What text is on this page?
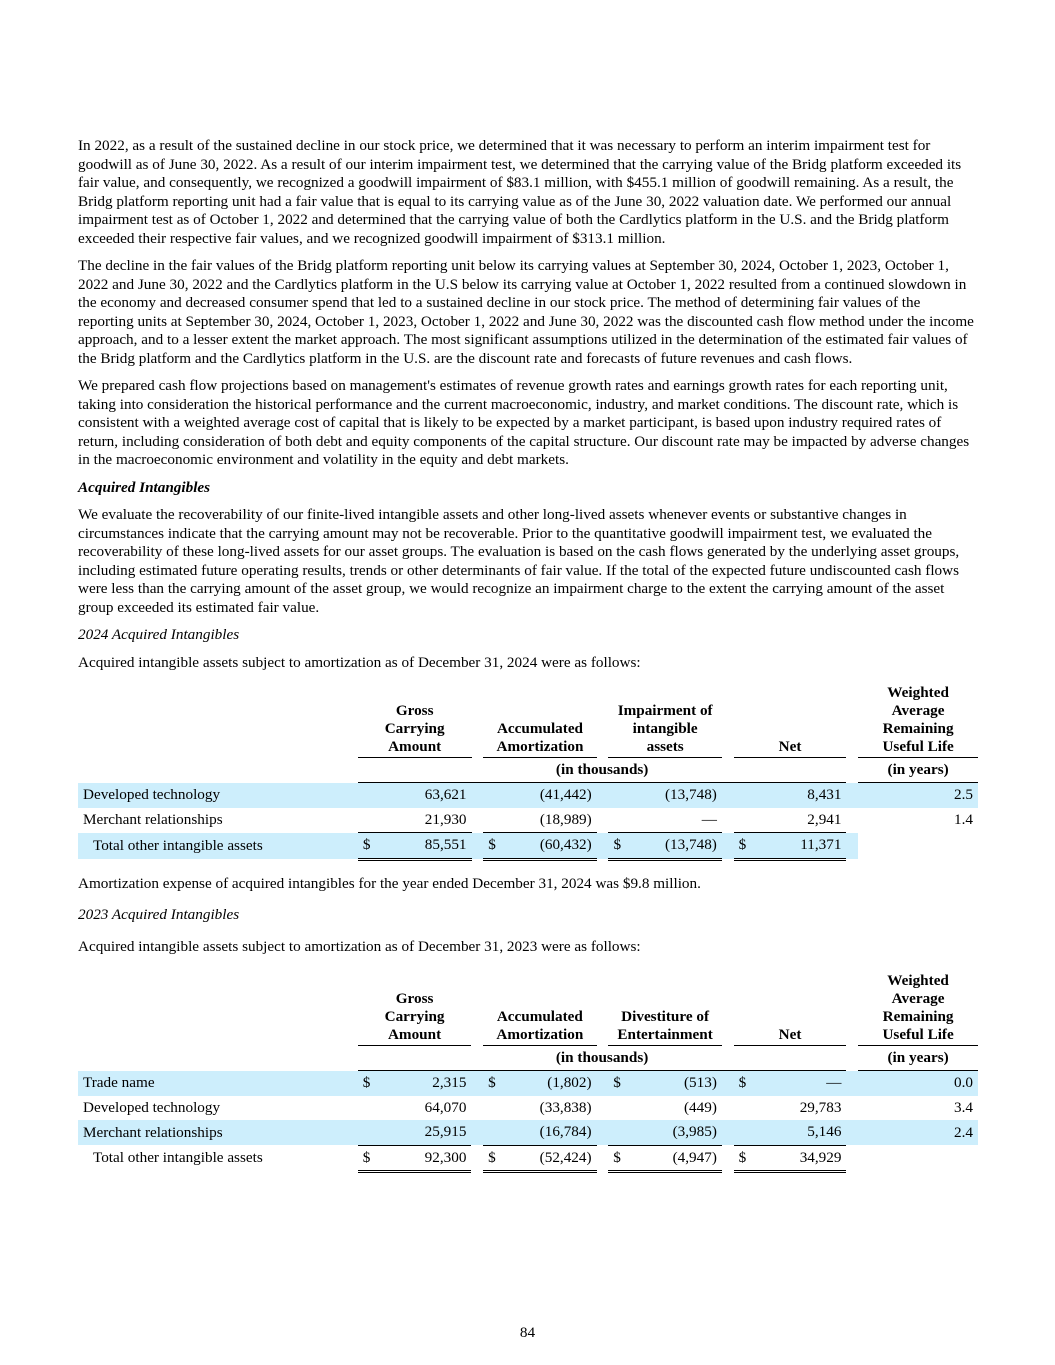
In 2022, as a result of the sustained decline in our stock price, we determined that it was necessary to perform an interim impairment test for goodwill as of June 30, 2022. As a result of our interim impairment test, we determined that the carrying value of the Bridg platform exceeded its fair value, and consequently, we recognized a goodwill impairment of $83.1 million, with $455.1 million of goodwill remaining. As a result, the Bridg platform reporting unit had a fair value that is equal to its carrying value as of the June 30, 2022 valuation date. We performed our annual impairment test as of October 1, 2022 and determined that the carrying value of both the Cardlytics platform in the U.S. and the Bridg platform exceeded their respective fair values, and we recognized goodwill impairment of $313.1 million.

The decline in the fair values of the Bridg platform reporting unit below its carrying values at September 30, 2024, October 1, 2023, October 1, 2022 and June 30, 2022 and the Cardlytics platform in the U.S below its carrying value at October 1, 2022 resulted from a continued slowdown in the economy and decreased consumer spend that led to a sustained decline in our stock price. The method of determining fair values of the reporting units at September 30, 2024, October 1, 2023, October 1, 2022 and June 30, 2022 was the discounted cash flow method under the income approach, and to a lesser extent the market approach. The most significant assumptions utilized in the determination of the estimated fair values of the Bridg platform and the Cardlytics platform in the U.S. are the discount rate and forecasts of future revenues and cash flows.

We prepared cash flow projections based on management's estimates of revenue growth rates and earnings growth rates for each reporting unit, taking into consideration the historical performance and the current macroeconomic, industry, and market conditions. The discount rate, which is consistent with a weighted average cost of capital that is likely to be expected by a market participant, is based upon industry required rates of return, including consideration of both debt and equity components of the capital structure. Our discount rate may be impacted by adverse changes in the macroeconomic environment and volatility in the equity and debt markets.

Acquired Intangibles

We evaluate the recoverability of our finite-lived intangible assets and other long-lived assets whenever events or substantive changes in circumstances indicate that the carrying amount may not be recoverable. Prior to the quantitative goodwill impairment test, we evaluated the recoverability of these long-lived assets for our asset groups. The evaluation is based on the cash flows generated by the underlying asset groups, including estimated future operating results, trends or other determinants of fair value. If the total of the expected future undiscounted cash flows were less than the carrying amount of the asset group, we would recognize an impairment charge to the extent the carrying amount of the asset group exceeded its estimated fair value.

2024 Acquired Intangibles

Acquired intangible assets subject to amortization as of December 31, 2024 were as follows:

		Gross Carrying Amount		Accumulated Amortization		Impairment of intangible assets		Net		Weighted Average Remaining Useful Life
		(in thousands)								(in years)
Developed technology		63,621		(41,442)		(13,748)		8,431		2.5
Merchant relationships		21,930		(18,989)		—		2,941		1.4
Total other intangible assets		$ 85,551		$ (60,432)		$ (13,748)		$ 11,371		

Amortization expense of acquired intangibles for the year ended December 31, 2024 was $9.8 million.

2023 Acquired Intangibles

Acquired intangible assets subject to amortization as of December 31, 2023 were as follows:

		Gross Carrying Amount		Accumulated Amortization		Divestiture of Entertainment		Net		Weighted Average Remaining Useful Life
		(in thousands)								(in years)
Trade name		$ 2,315		$ (1,802)		$ (513)		$ —		0.0
Developed technology		64,070		(33,838)		(449)		29,783		3.4
Merchant relationships		25,915		(16,784)		(3,985)		5,146		2.4
Total other intangible assets		$ 92,300		$ (52,424)		$ (4,947)		$ 34,929		

84
